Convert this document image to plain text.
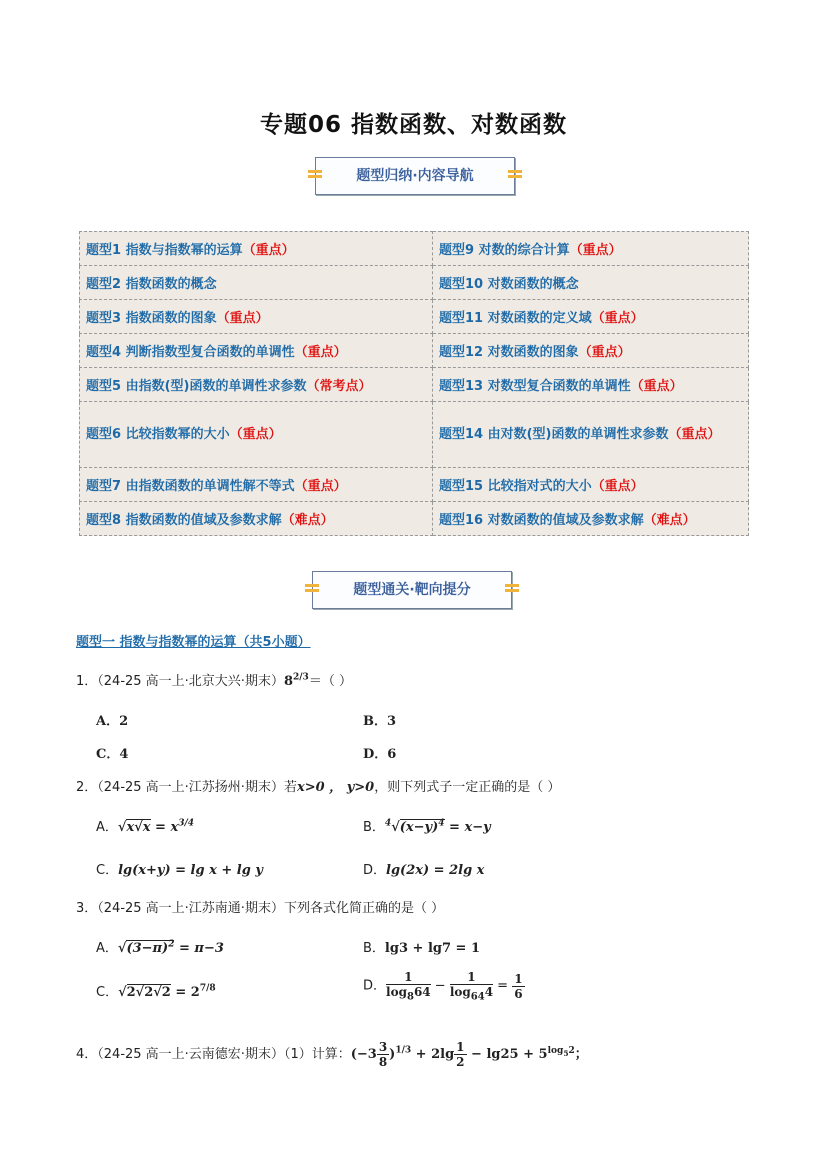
专题06 指数函数、对数函数
题型归纳·内容导航
题型1 指数与指数幂的运算（重点）	题型9 对数的综合计算（重点）
题型2 指数函数的概念	题型10 对数函数的概念
题型3 指数函数的图象（重点）	题型11 对数函数的定义域（重点）
题型4 判断指数型复合函数的单调性（重点）	题型12 对数函数的图象（重点）
题型5 由指数(型)函数的单调性求参数（常考点）	题型13 对数型复合函数的单调性（重点）
题型6 比较指数幂的大小（重点）	题型14 由对数(型)函数的单调性求参数（重点）
题型7 由指数函数的单调性解不等式（重点）	题型15 比较指对式的大小（重点）
题型8 指数函数的值域及参数求解（难点）	题型16 对数函数的值域及参数求解（难点）
题型通关·靶向提分
题型一 指数与指数幂的运算（共5小题）
1．（24-25 高一上·北京大兴·期末）$8^{2/3}=$（ ）
A．2	B．3
C．4	D．6
2．（24-25 高一上·江苏扬州·期末）若x>0 ， y>0，则下列式子一定正确的是（ ）
A．$√x√x = x^{3/4}$	B．$^4√(x-y)^4 = x-y$
C．lg(x+y) = lg x + lg y	D．lg(2x) = 2lg x
3．（24-25 高一上·江苏南通·期末）下列各式化简正确的是（ ）
A．$√(3-\pi)^2 = \pi-3$	B．lg3 + lg7 = 1
C．$√2√2√2 = 2^{7/8}$	D． $\frac{1}{\log_864} - \frac{1}{\log_{64}4} = \frac{1}{6}$
4．（24-25 高一上·云南德宏·期末）（1）计算：$(-3 \frac{3}{8} )^{1/3} + 2\lg \frac{1}{2} - \lg 25 + 5^{log_52}$；
